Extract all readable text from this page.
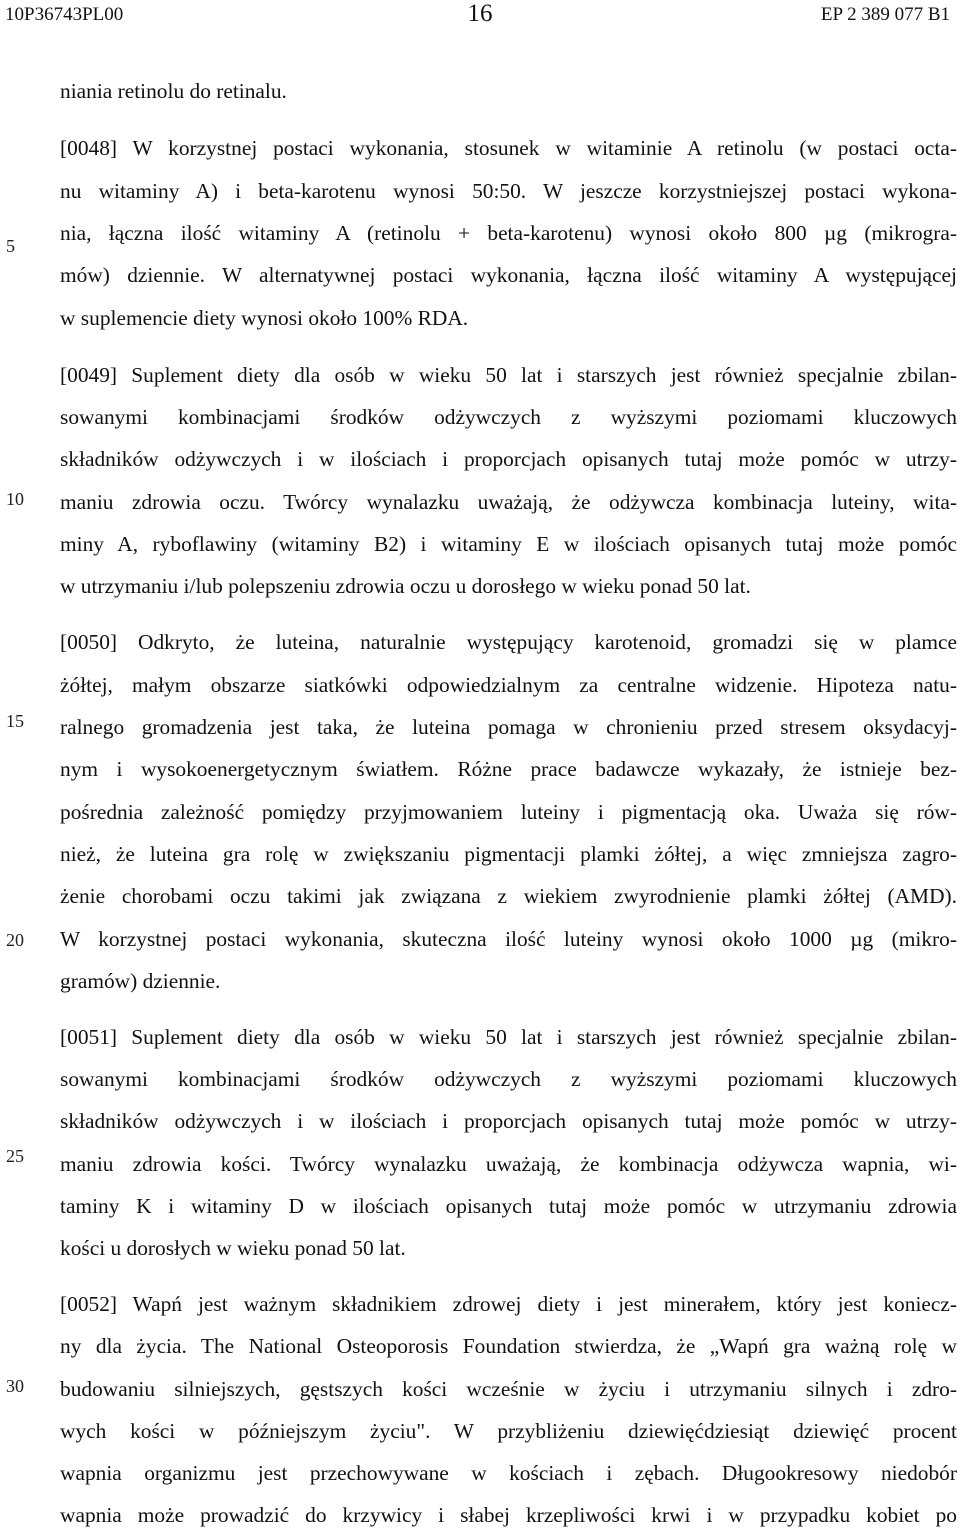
10P36743PL00	16	EP 2 389 077 B1
5
10
15
20
25
30
niania retinolu do retinalu.
[0048] W korzystnej postaci wykonania, stosunek w witaminie A retinolu (w postaci octa-
nu witaminy A) i beta-karotenu wynosi 50:50. W jeszcze korzystniejszej postaci wykona-
nia, łączna ilość witaminy A (retinolu + beta-karotenu) wynosi około 800 µg (mikrogra-
mów) dziennie. W alternatywnej postaci wykonania, łączna ilość witaminy A występującej
w suplemencie diety wynosi około 100% RDA.
[0049] Suplement diety dla osób w wieku 50 lat i starszych jest również specjalnie zbilan-
sowanymi kombinacjami środków odżywczych z wyższymi poziomami kluczowych
składników odżywczych i w ilościach i proporcjach opisanych tutaj może pomóc w utrzy-
maniu zdrowia oczu. Twórcy wynalazku uważają, że odżywcza kombinacja luteiny, wita-
miny A, ryboflawiny (witaminy B2) i witaminy E w ilościach opisanych tutaj może pomóc
w utrzymaniu i/lub polepszeniu zdrowia oczu u dorosłego w wieku ponad 50 lat.
[0050] Odkryto, że luteina, naturalnie występujący karotenoid, gromadzi się w plamce
żółtej, małym obszarze siatkówki odpowiedzialnym za centralne widzenie. Hipoteza natu-
ralnego gromadzenia jest taka, że luteina pomaga w chronieniu przed stresem oksydacyj-
nym i wysokoenergetycznym światłem. Różne prace badawcze wykazały, że istnieje bez-
pośrednia zależność pomiędzy przyjmowaniem luteiny i pigmentacją oka. Uważa się rów-
nież, że luteina gra rolę w zwiększaniu pigmentacji plamki żółtej, a więc zmniejsza zagro-
żenie chorobami oczu takimi jak związana z wiekiem zwyrodnienie plamki żółtej (AMD).
W korzystnej postaci wykonania, skuteczna ilość luteiny wynosi około 1000 µg (mikro-
gramów) dziennie.
[0051] Suplement diety dla osób w wieku 50 lat i starszych jest również specjalnie zbilan-
sowanymi kombinacjami środków odżywczych z wyższymi poziomami kluczowych
składników odżywczych i w ilościach i proporcjach opisanych tutaj może pomóc w utrzy-
maniu zdrowia kości. Twórcy wynalazku uważają, że kombinacja odżywcza wapnia, wi-
taminy K i witaminy D w ilościach opisanych tutaj może pomóc w utrzymaniu zdrowia
kości u dorosłych w wieku ponad 50 lat.
[0052] Wapń jest ważnym składnikiem zdrowej diety i jest minerałem, który jest koniecz-
ny dla życia. The National Osteoporosis Foundation stwierdza, że „Wapń gra ważną rolę w
budowaniu silniejszych, gęstszych kości wcześnie w życiu i utrzymaniu silnych i zdro-
wych kości w późniejszym życiu". W przybliżeniu dziewięćdziesiąt dziewięć procent
wapnia organizmu jest przechowywane w kościach i zębach. Długookresowy niedobór
wapnia może prowadzić do krzywicy i słabej krzepliwości krwi i w przypadku kobiet po
